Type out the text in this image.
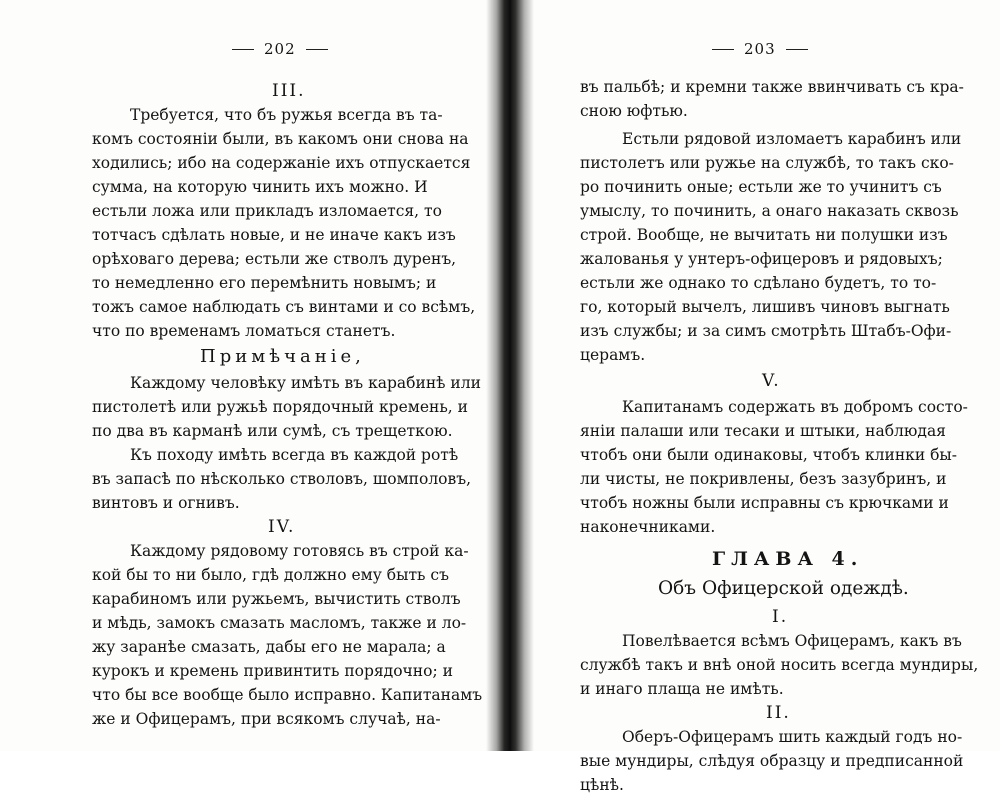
202
III.
Требуется, что бъ ружья всегда въ та-
комъ состояніи были, въ какомъ они снова на
ходились; ибо на содержаніе ихъ отпускается
сумма, на которую чинить ихъ можно. И
естьли ложа или прикладъ изломается, то
тотчасъ сдѣлать новые, и не иначе какъ изъ
орѣховаго дерева; естьли же стволъ дуренъ,
то немедленно его перемѣнить новымъ; и
тожъ самое наблюдать съ винтами и со всѣмъ,
что по временамъ ломаться станетъ.
Примѣчаніе,
Каждому человѣку имѣть въ карабинѣ или
пистолетѣ или ружьѣ порядочный кремень, и
по два въ карманѣ или сумѣ, съ трещеткою.
Къ походу имѣть всегда въ каждой ротѣ
въ запасѣ по нѣсколько стволовъ, шомполовъ,
винтовъ и огнивъ.
IV.
Каждому рядовому готовясь въ строй ка-
кой бы то ни было, гдѣ должно ему быть съ
карабиномъ или ружьемъ, вычистить стволъ
и мѣдь, замокъ смазать масломъ, также и ло-
жу заранѣе смазать, дабы его не марала; а
курокъ и кремень привинтить порядочно; и
что бы все вообще было исправно. Капитанамъ
же и Офицерамъ, при всякомъ случаѣ, на-
203
въ пальбѣ; и кремни также ввинчивать съ кра-
сною юфтью.
Естьли рядовой изломаетъ карабинъ или
пистолетъ или ружье на службѣ, то такъ ско-
ро починить оные; естьли же то учинитъ съ
умыслу, то починить, а онаго наказать сквозь
строй. Вообще, не вычитать ни полушки изъ
жалованья у унтеръ-офицеровъ и рядовыхъ;
естьли же однако то сдѣлано будетъ, то то-
го, который вычелъ, лишивъ чиновъ выгнать
изъ службы; и за симъ смотрѣть Штабъ-Офи-
церамъ.
V.
Капитанамъ содержать въ добромъ состо-
яніи палаши или тесаки и штыки, наблюдая
чтобъ они были одинаковы, чтобъ клинки бы-
ли чисты, не покривлены, безъ зазубринъ, и
чтобъ ножны были исправны съ крючками и
наконечниками.
ГЛАВА 4.
Объ Офицерской одеждѣ.
I.
Повелѣвается всѣмъ Офицерамъ, какъ въ
службѣ такъ и внѣ оной носить всегда мундиры,
и инаго плаща не имѣть.
II.
Оберъ-Офицерамъ шить каждый годъ но-
вые мундиры, слѣдуя образцу и предписанной
цѣнѣ.
